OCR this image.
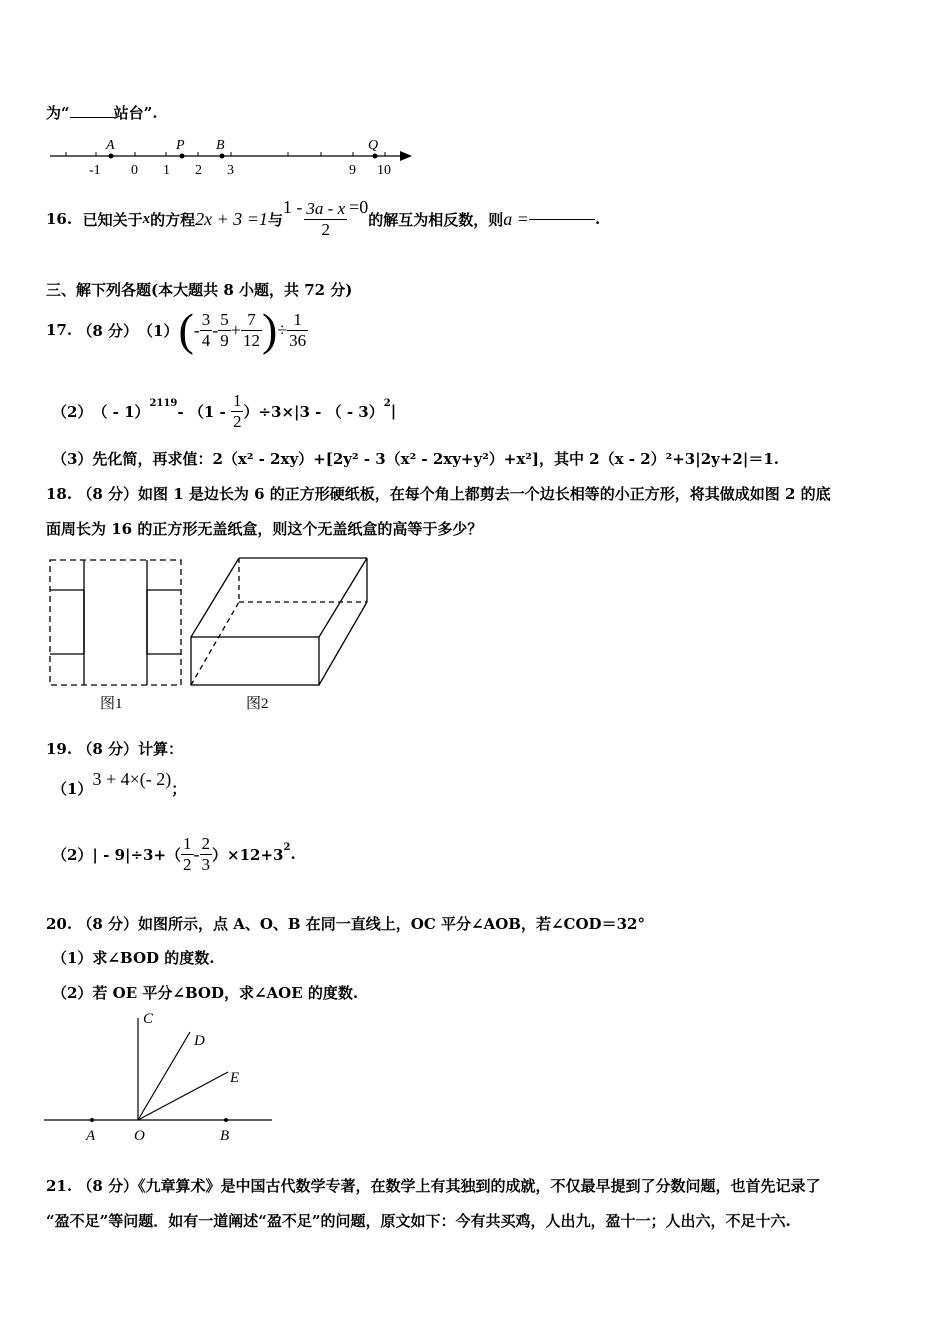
为“	站台”.
A	P B	Q
-1 0 1 2 3	9 10
16.
已知关于 x 的方程 2x + 3 =1 与
$1 - \frac{3a - x}{2} =0$
的解互为相反数，则 a =	.
三、解下列各题(本大题共 8 小题，共 72 分)
17.
（8 分） （1） ( - $\frac{3}{4} - \frac{5}{9} + \frac{7}{12}$ ) ÷ $\frac{1}{36}$
（2） （ - 1）$^{2119}$ - （1 -
$\frac{1}{2} )\div 3\times|3$ - （ - 3）$^2$ |
（3）先化简，再求值：2（x² - 2xy）+[2y² - 3（x² - 2xy+y²）+x²]，其中 2（x - 2）²+3|2y+2|＝1.
18. （8 分）如图 1 是边长为 6 的正方形硬纸板，在每个角上都剪去一个边长相等的小正方形，将其做成如图 2 的底
面周长为 16 的正方形无盖纸盒，则这个无盖纸盒的高等于多少？
图1	图2
19. （8 分）计算：
（1） 3 + 4×(- 2) ；
$(2)| - 9|\div 3+( \frac{1}{2} - \frac{2}{3} )\times 12+3^2$ .
20. （8 分）如图所示，点 A、O、B 在同一直线上，OC 平分∠AOB，若∠COD＝32°
（1）求∠BOD 的度数.
（2）若 OE 平分∠BOD，求∠AOE 的度数.
C
D
E
A	O	B
21. （8 分）《九章算术》是中国古代数学专著，在数学上有其独到的成就，不仅最早提到了分数问题，也首先记录了
“盈不足”等问题．如有一道阐述“盈不足”的问题，原文如下：今有共买鸡，人出九，盈十一；人出六，不足十六.
